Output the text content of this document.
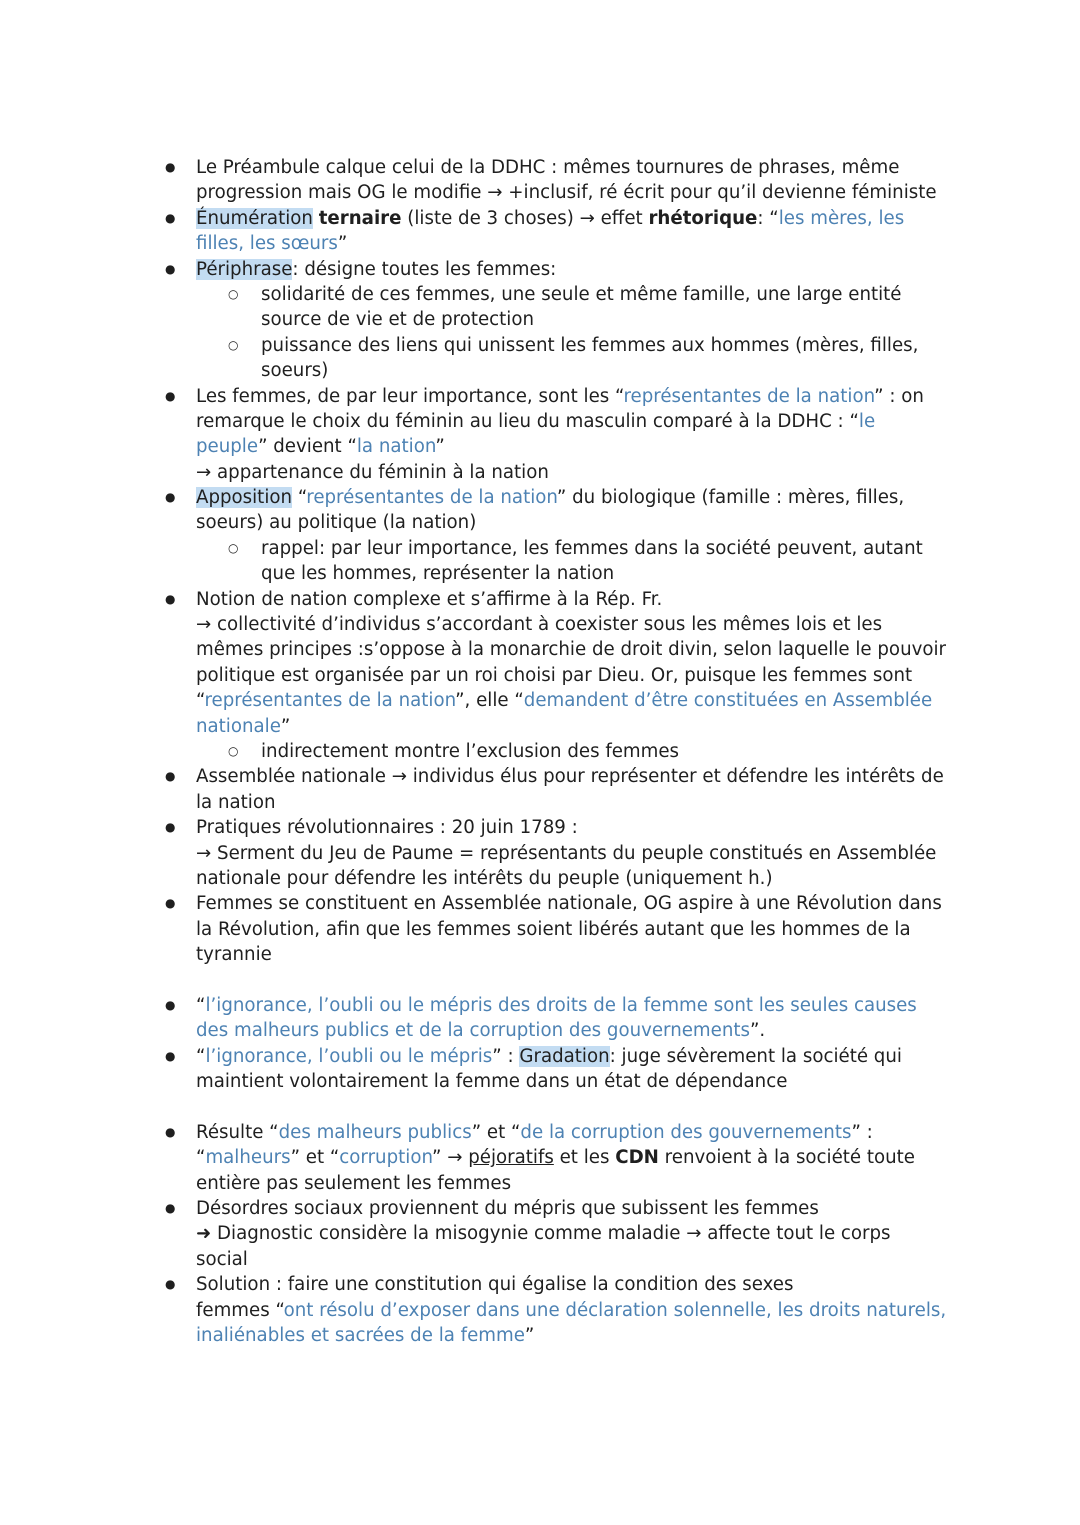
● Le Préambule calque celui de la DDHC : mêmes tournures de phrases, même
progression mais OG le modifie → +inclusif, ré écrit pour qu’il devienne féministe
● Énumération ternaire (liste de 3 choses) → effet rhétorique: “les mères, les
filles, les sœurs”
● Périphrase: désigne toutes les femmes:
○ solidarité de ces femmes, une seule et même famille, une large entité
source de vie et de protection
○ puissance des liens qui unissent les femmes aux hommes (mères, filles,
soeurs)
● Les femmes, de par leur importance, sont les “représentantes de la nation” : on
remarque le choix du féminin au lieu du masculin comparé à la DDHC : “le
peuple” devient “la nation”
→ appartenance du féminin à la nation
● Apposition “représentantes de la nation” du biologique (famille : mères, filles,
soeurs) au politique (la nation)
○ rappel: par leur importance, les femmes dans la société peuvent, autant
que les hommes, représenter la nation
● Notion de nation complexe et s’affirme à la Rép. Fr.
→ collectivité d’individus s’accordant à coexister sous les mêmes lois et les
mêmes principes :s’oppose à la monarchie de droit divin, selon laquelle le pouvoir
politique est organisée par un roi choisi par Dieu. Or, puisque les femmes sont
“représentantes de la nation”, elle “demandent d’être constituées en Assemblée
nationale”
○ indirectement montre l’exclusion des femmes
● Assemblée nationale → individus élus pour représenter et défendre les intérêts de
la nation
● Pratiques révolutionnaires : 20 juin 1789 :
→ Serment du Jeu de Paume = représentants du peuple constitués en Assemblée
nationale pour défendre les intérêts du peuple (uniquement h.)
● Femmes se constituent en Assemblée nationale, OG aspire à une Révolution dans
la Révolution, afin que les femmes soient libérés autant que les hommes de la
tyrannie
● “l’ignorance, l’oubli ou le mépris des droits de la femme sont les seules causes
des malheurs publics et de la corruption des gouvernements”.
● “l’ignorance, l’oubli ou le mépris” : Gradation: juge sévèrement la société qui
maintient volontairement la femme dans un état de dépendance
● Résulte “des malheurs publics” et “de la corruption des gouvernements” :
“malheurs” et “corruption” → péjoratifs et les CDN renvoient à la société toute
entière pas seulement les femmes
● Désordres sociaux proviennent du mépris que subissent les femmes
➜ Diagnostic considère la misogynie comme maladie → affecte tout le corps
social
● Solution : faire une constitution qui égalise la condition des sexes
femmes “ont résolu d’exposer dans une déclaration solennelle, les droits naturels,
inaliénables et sacrées de la femme”
